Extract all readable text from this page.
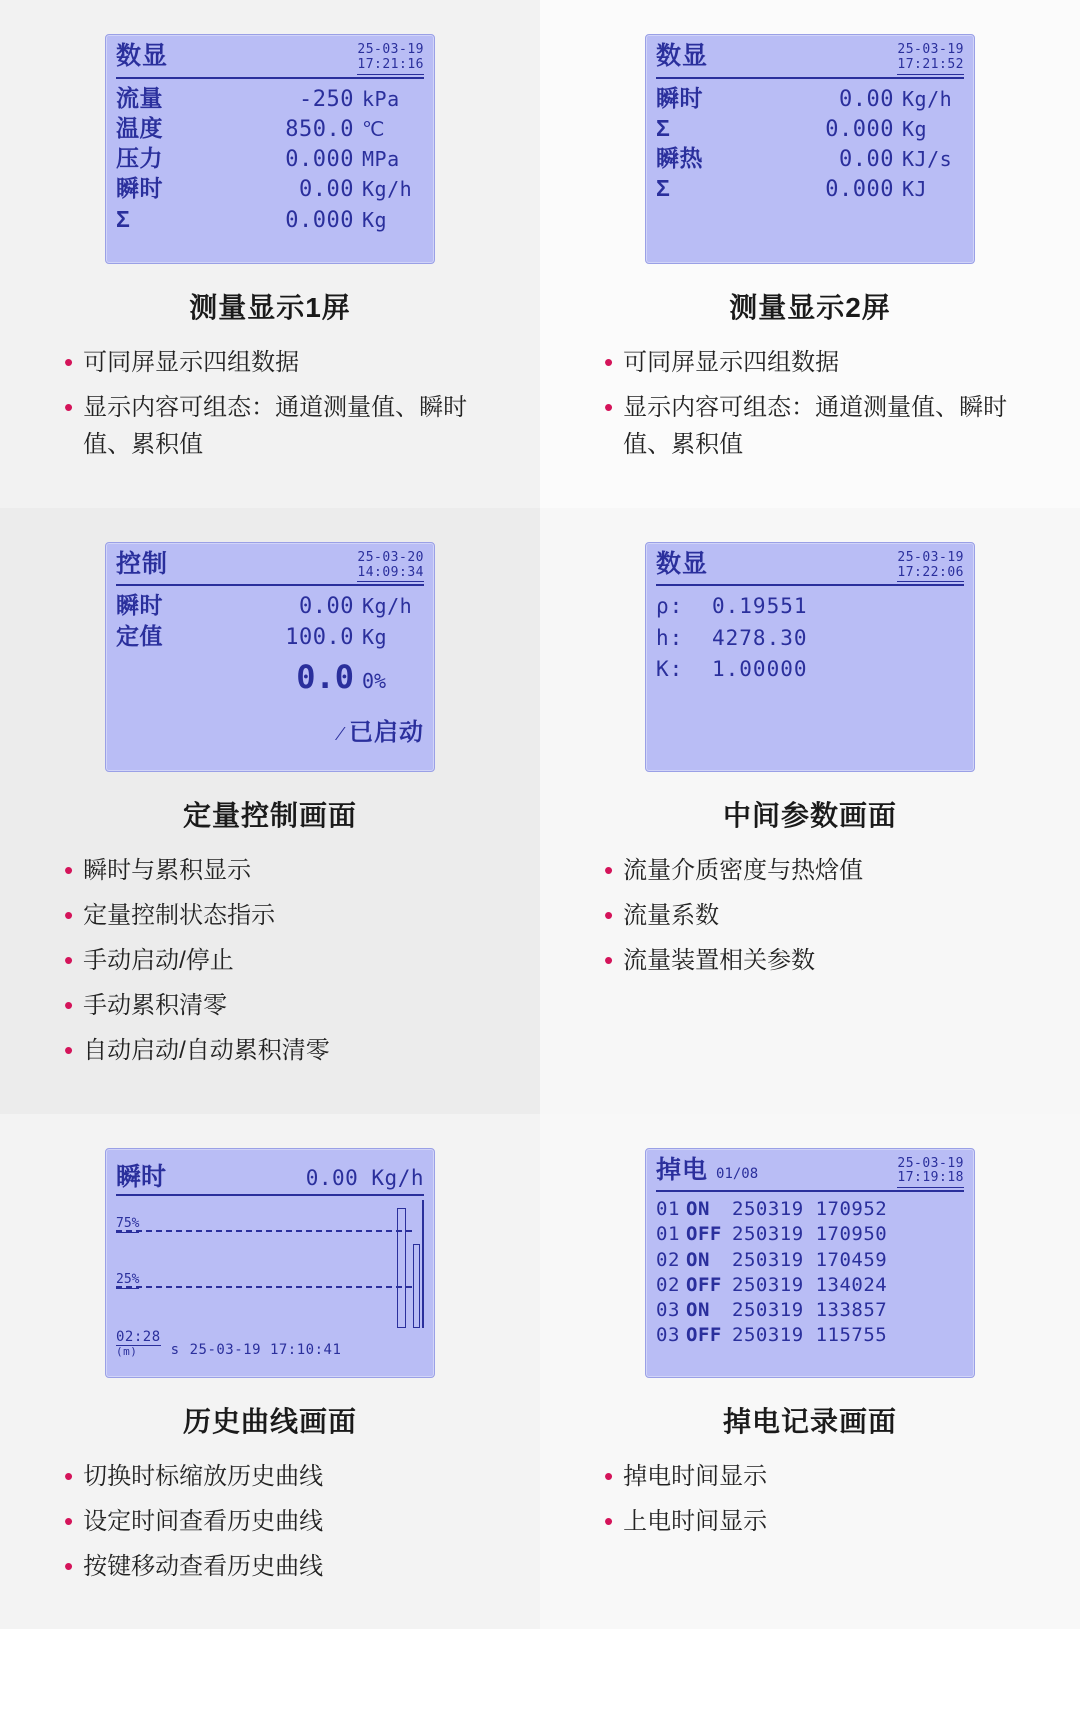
数显	25-03-19
17:21:16
流量	-250 kPa
温度	850.0 ℃
压力	0.000 MPa
瞬时	0.00 Kg/h
Σ	0.000 Kg
测量显示1屏
• 可同屏显示四组数据
• 显示内容可组态：通道测量值、瞬时值、累积值
数显	25-03-19
17:21:52
瞬时	0.00 Kg/h
Σ	0.000 Kg
瞬热	0.00 KJ/s
Σ	0.000 KJ
测量显示2屏
• 可同屏显示四组数据
• 显示内容可组态：通道测量值、瞬时值、累积值
控制	25-03-20
14:09:34
瞬时	0.00 Kg/h
定值	100.0 Kg
0.0 0%
⁄ 已启动
定量控制画面
• 瞬时与累积显示
• 定量控制状态指示
• 手动启动/停止
• 手动累积清零
• 自动启动/自动累积清零
数显	25-03-19
17:22:06
ρ:	0.19551
h:	4278.30
K:	1.00000
中间参数画面
• 流量介质密度与热焓值
• 流量系数
• 流量装置相关参数
瞬时	0.00 Kg/h
75%
25%
02:28
(m)	s 25-03-19 17:10:41
历史曲线画面
• 切换时标缩放历史曲线
• 设定时间查看历史曲线
• 按键移动查看历史曲线
掉电 01/08
25-03-19
17:19:18
01 ON	250319 170952
01 OFF 250319 170950
02 ON	250319 170459
02 OFF 250319 134024
03 ON	250319 133857
03 OFF 250319 115755
掉电记录画面
• 掉电时间显示
• 上电时间显示
